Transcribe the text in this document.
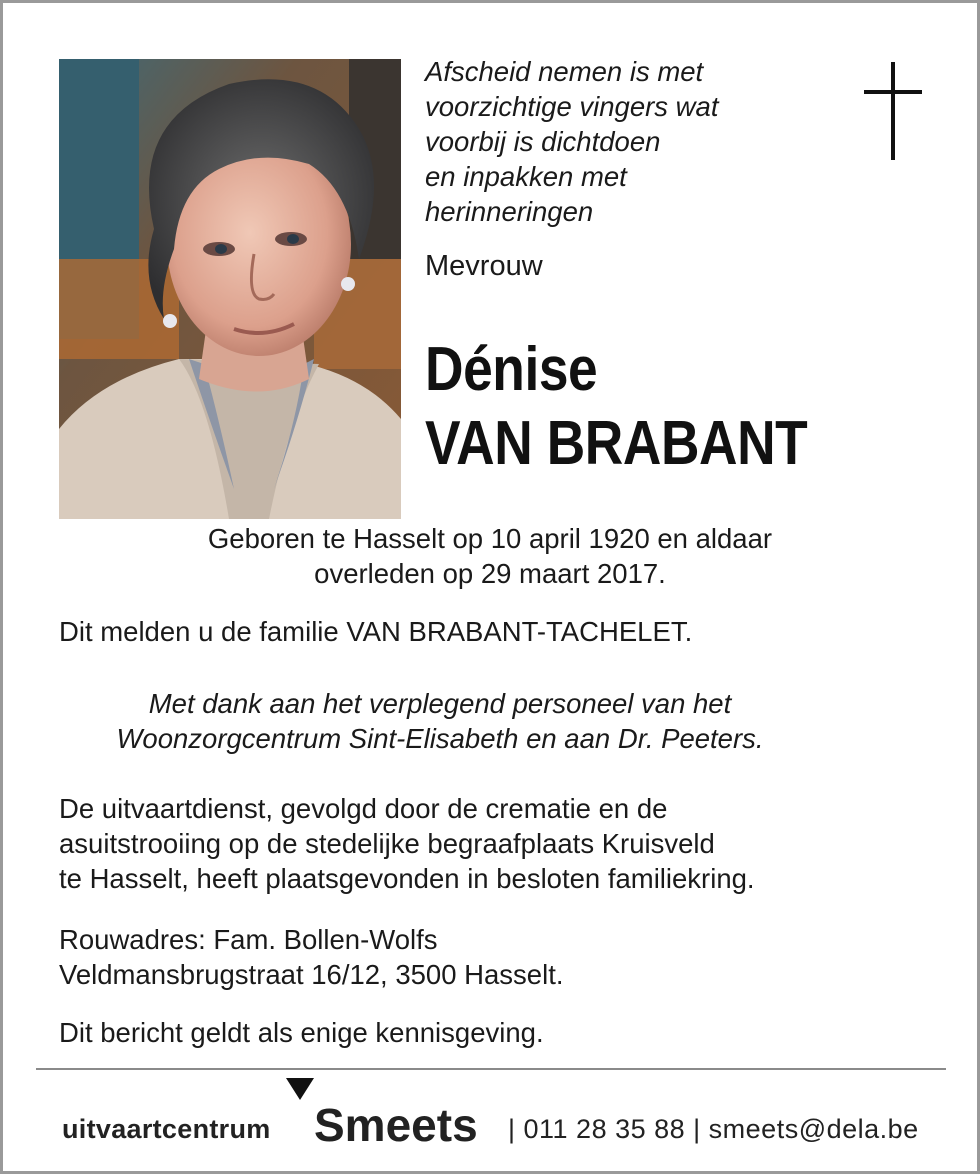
Afscheid nemen is met
voorzichtige vingers wat
voorbij is dichtdoen
en inpakken met
herinneringen
Mevrouw
Dénise
VAN BRABANT
Geboren te Hasselt op 10 april 1920 en aldaar
overleden op 29 maart 2017.
Dit melden u de familie VAN BRABANT-TACHELET.
Met dank aan het verplegend personeel van het
Woonzorgcentrum Sint-Elisabeth en aan Dr. Peeters.
De uitvaartdienst, gevolgd door de crematie en de
asuitstrooiing op de stedelijke begraafplaats Kruisveld
te Hasselt, heeft plaatsgevonden in besloten familiekring.
Rouwadres: Fam. Bollen-Wolfs
Veldmansbrugstraat 16/12, 3500 Hasselt.
Dit bericht geldt als enige kennisgeving.
uitvaartcentrum Smeets | 011 28 35 88 | smeets@dela.be
